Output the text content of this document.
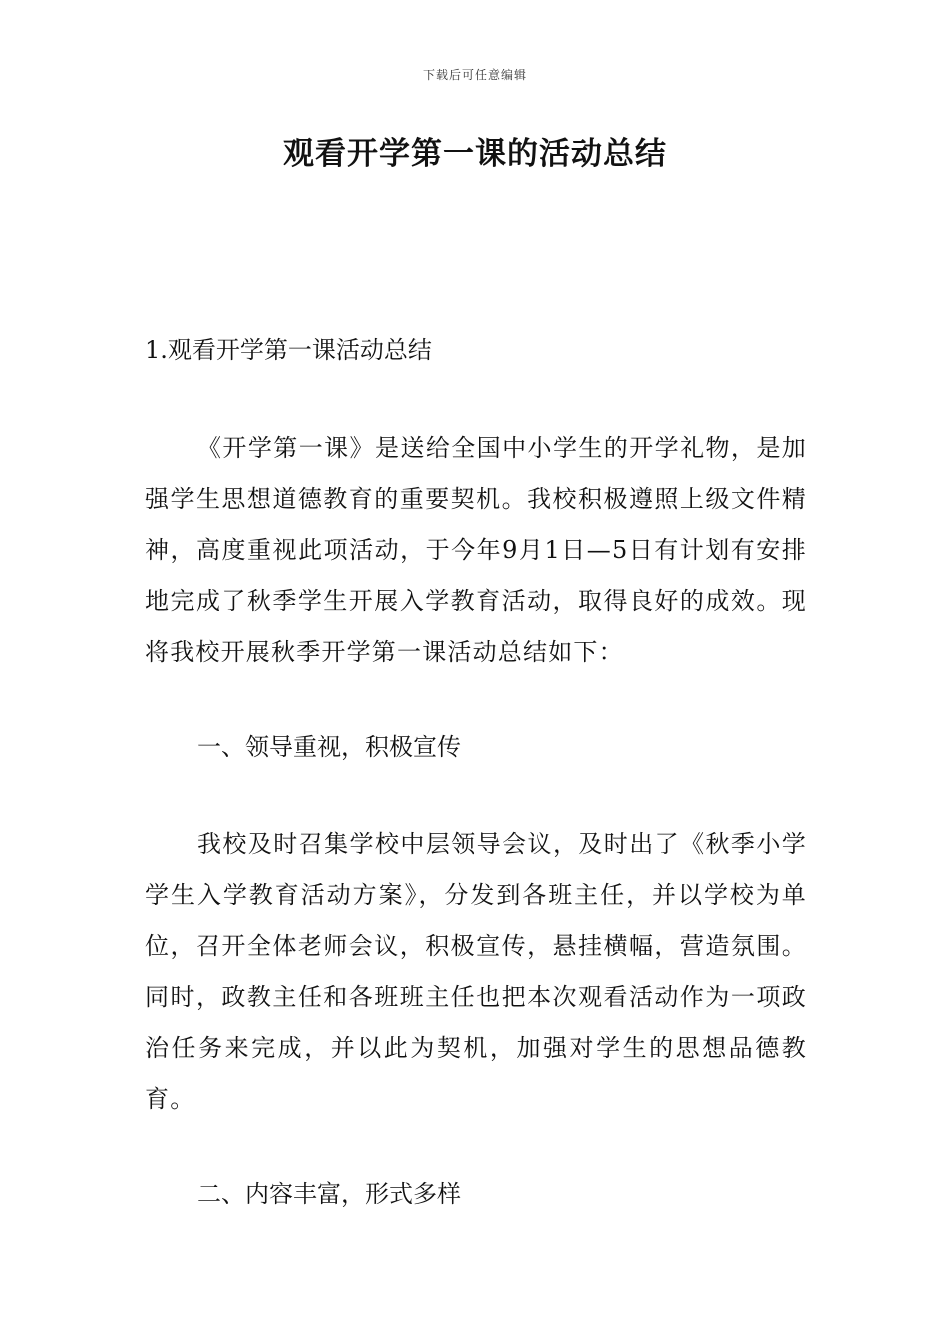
下载后可任意编辑
观看开学第一课的活动总结
1.观看开学第一课活动总结

《开学第一课》是送给全国中小学生的开学礼物，是加强学生思想道德教育的重要契机。我校积极遵照上级文件精神，高度重视此项活动，于今年9月1日—5日有计划有安排地完成了秋季学生开展入学教育活动，取得良好的成效。现将我校开展秋季开学第一课活动总结如下：

一、领导重视，积极宣传

我校及时召集学校中层领导会议，及时出了《秋季小学学生入学教育活动方案》，分发到各班主任，并以学校为单位，召开全体老师会议，积极宣传，悬挂横幅，营造氛围。同时，政教主任和各班班主任也把本次观看活动作为一项政治任务来完成，并以此为契机，加强对学生的思想品德教育。

二、内容丰富，形式多样
